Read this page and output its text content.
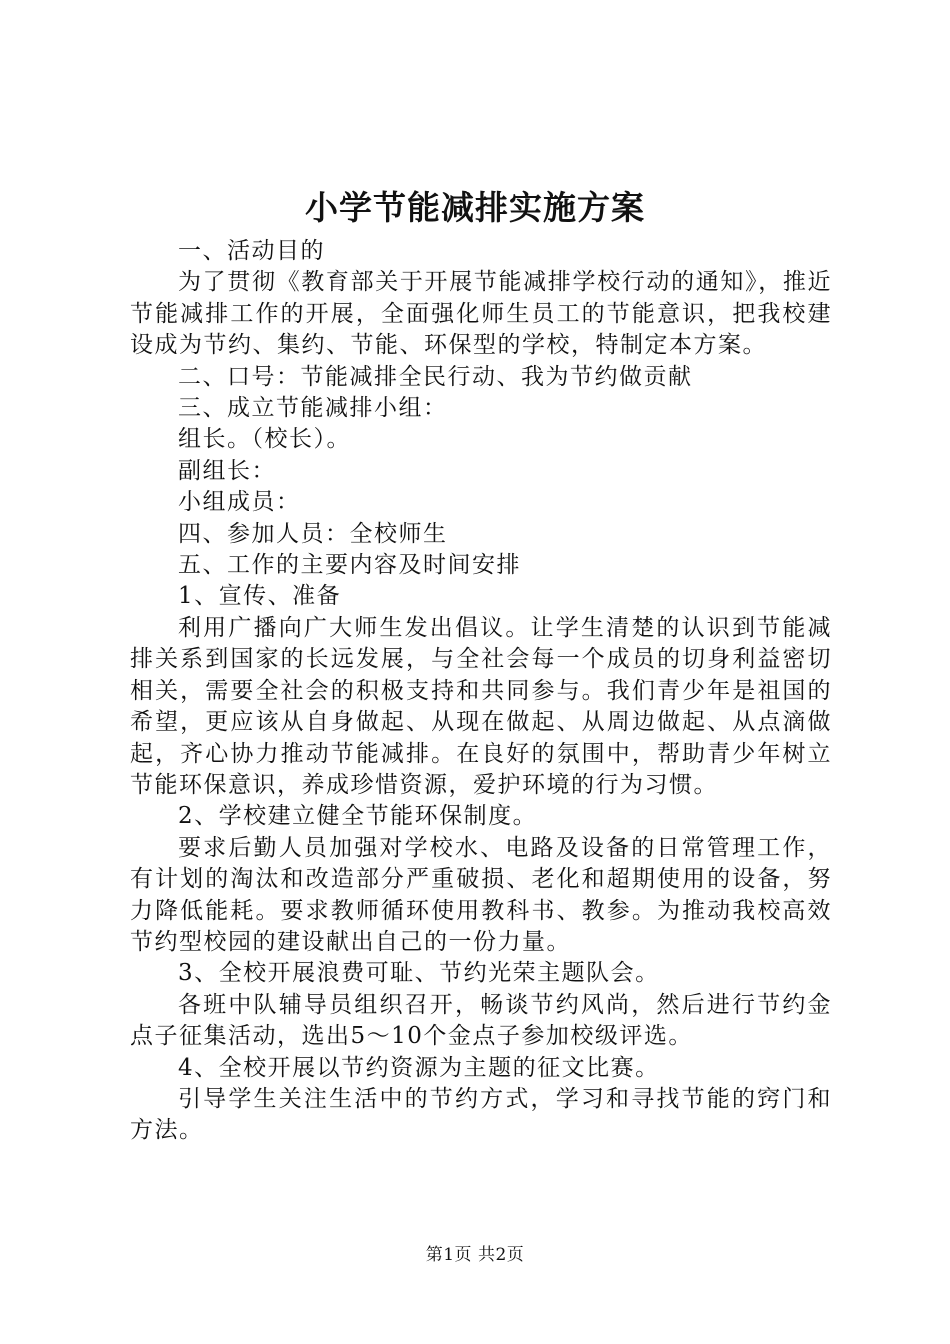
小学节能减排实施方案

一、活动目的

为了贯彻《教育部关于开展节能减排学校行动的通知》，推近节能减排工作的开展，全面强化师生员工的节能意识，把我校建设成为节约、集约、节能、环保型的学校，特制定本方案。

二、口号：节能减排全民行动、我为节约做贡献

三、成立节能减排小组：

组长。（校长）。

副组长：

小组成员：

四、参加人员：全校师生

五、工作的主要内容及时间安排

1、宣传、准备

利用广播向广大师生发出倡议。让学生清楚的认识到节能减排关系到国家的长远发展，与全社会每一个成员的切身利益密切相关，需要全社会的积极支持和共同参与。我们青少年是祖国的希望，更应该从自身做起、从现在做起、从周边做起、从点滴做起，齐心协力推动节能减排。在良好的氛围中，帮助青少年树立节能环保意识，养成珍惜资源，爱护环境的行为习惯。

2、学校建立健全节能环保制度。

要求后勤人员加强对学校水、电路及设备的日常管理工作，有计划的淘汰和改造部分严重破损、老化和超期使用的设备，努力降低能耗。要求教师循环使用教科书、教参。为推动我校高效节约型校园的建设献出自己的一份力量。

3、全校开展浪费可耻、节约光荣主题队会。

各班中队辅导员组织召开，畅谈节约风尚，然后进行节约金点子征集活动，选出5～10个金点子参加校级评选。

4、全校开展以节约资源为主题的征文比赛。

引导学生关注生活中的节约方式，学习和寻找节能的窍门和方法。

第1页 共2页
